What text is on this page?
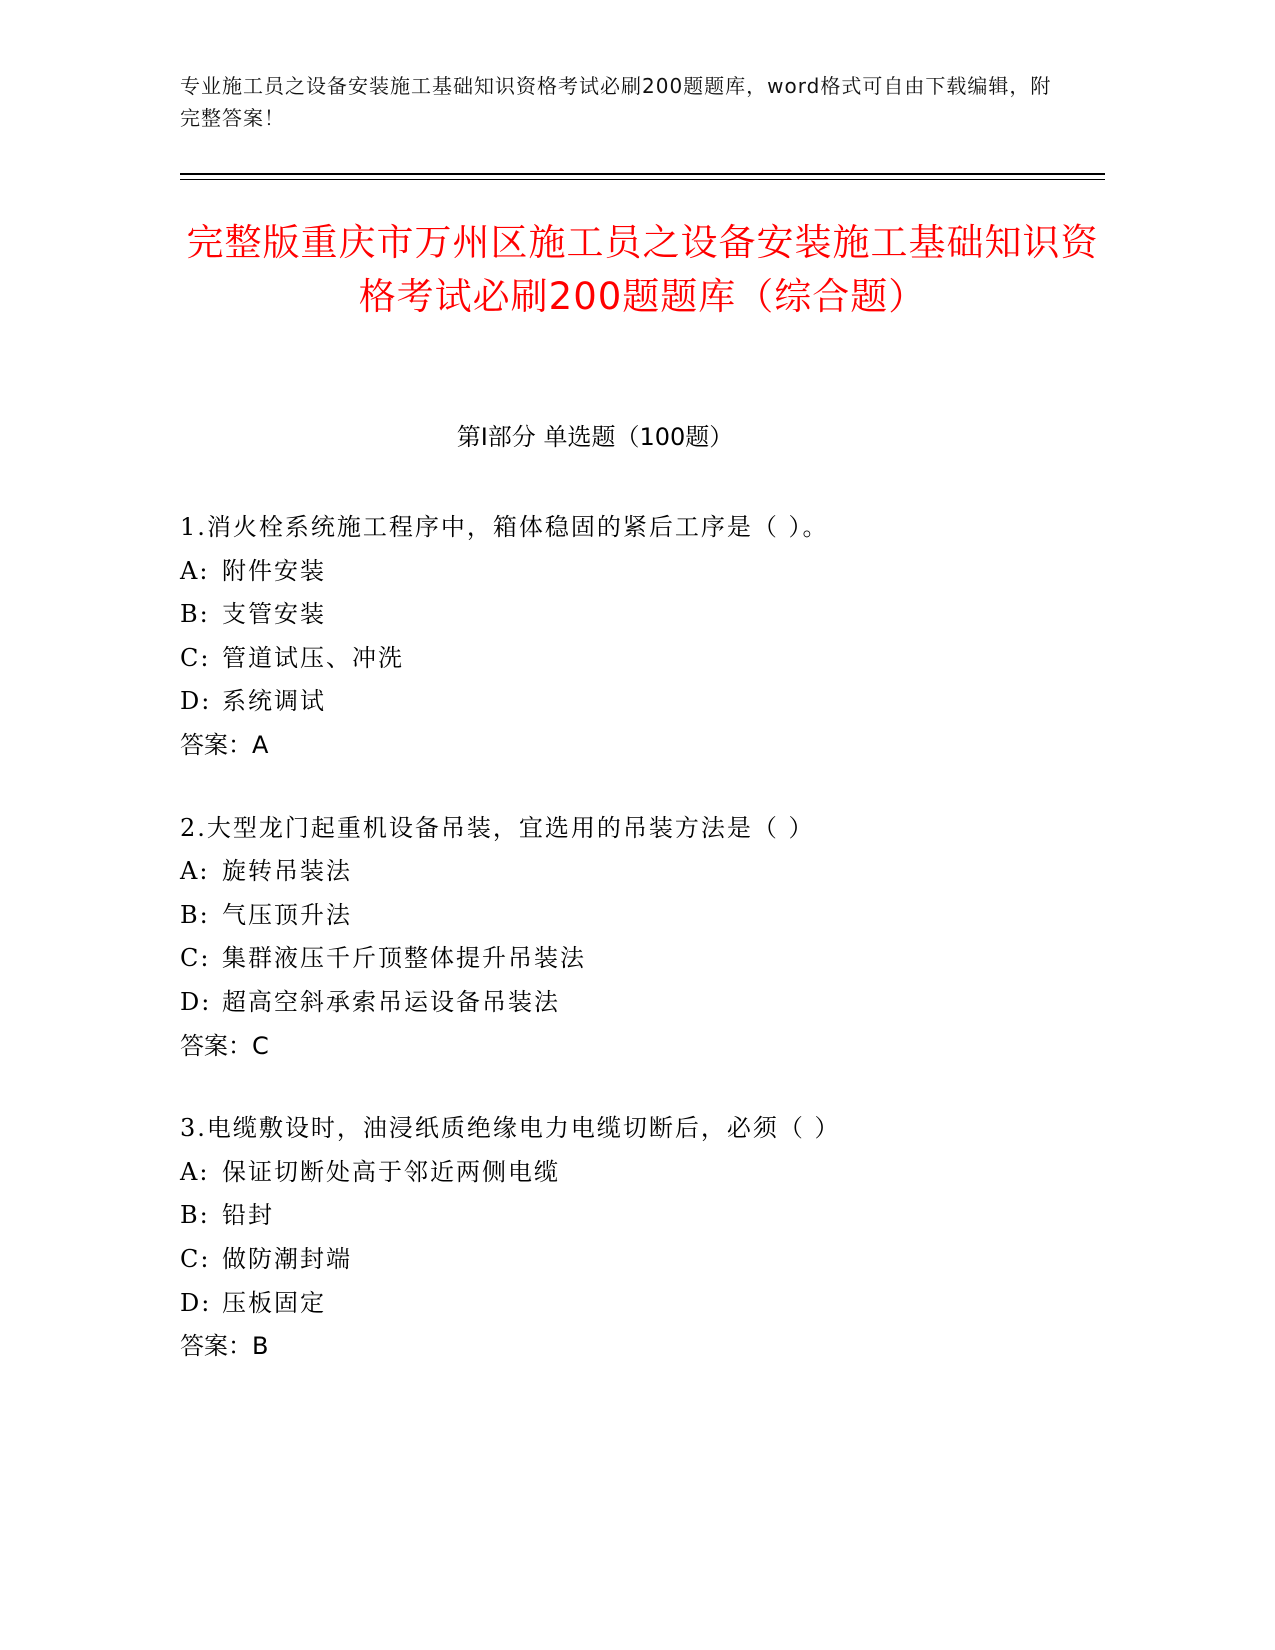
专业施工员之设备安装施工基础知识资格考试必刷200题题库，word格式可自由下载编辑，附完整答案！
完整版重庆市万州区施工员之设备安装施工基础知识资格考试必刷200题题库（综合题）
第Ⅰ部分 单选题（100题）
1.消火栓系统施工程序中，箱体稳固的紧后工序是（ ）。
A: 附件安装
B: 支管安装
C: 管道试压、冲洗
D: 系统调试
答案：A
2.大型龙门起重机设备吊装，宜选用的吊装方法是（ ）
A: 旋转吊装法
B: 气压顶升法
C: 集群液压千斤顶整体提升吊装法
D: 超高空斜承索吊运设备吊装法
答案：C
3.电缆敷设时，油浸纸质绝缘电力电缆切断后，必须（ ）
A: 保证切断处高于邻近两侧电缆
B: 铅封
C: 做防潮封端
D: 压板固定
答案：B
